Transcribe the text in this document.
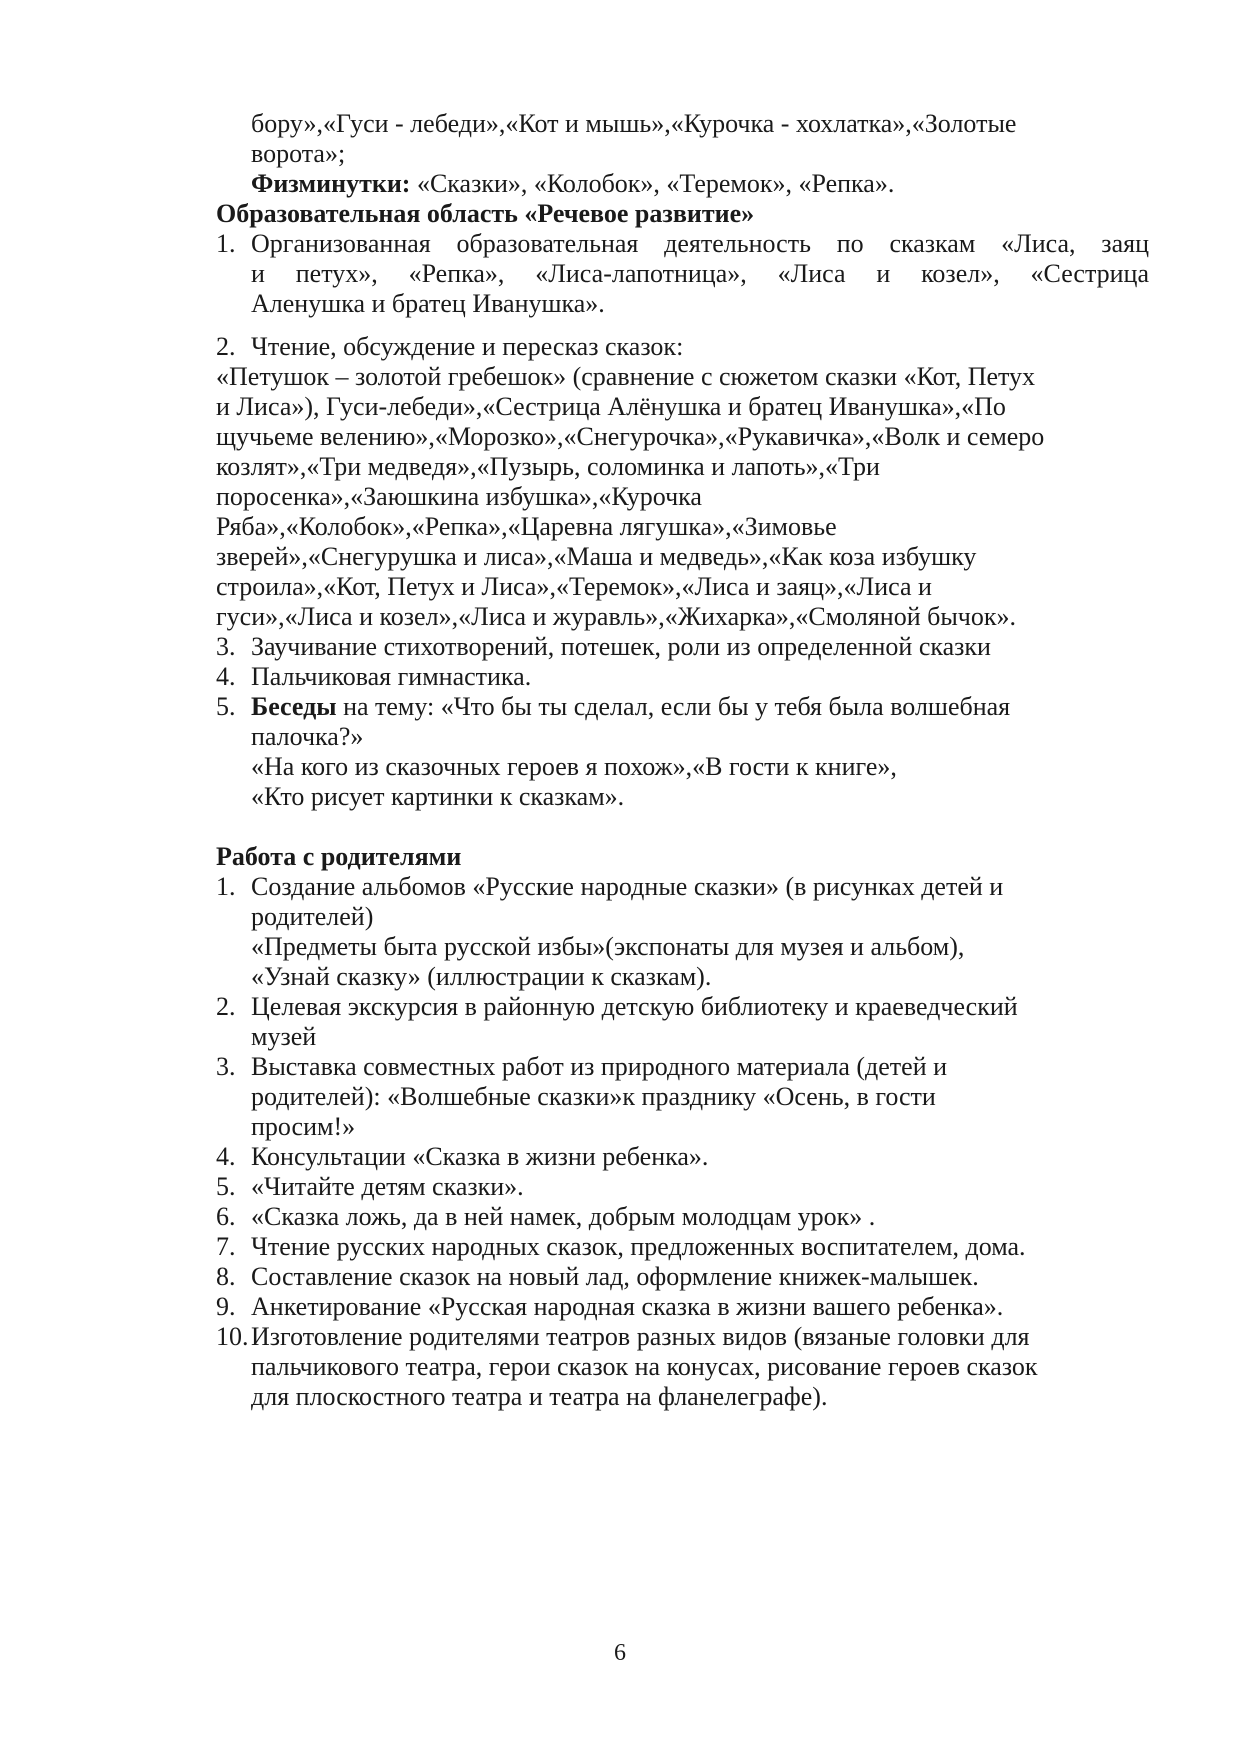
бору»,«Гуси - лебеди»,«Кот и мышь»,«Курочка - хохлатка»,«Золотые
ворота»;
Физминутки: «Сказки», «Колобок», «Теремок», «Репка».
Образовательная область «Речевое развитие»
1. Организованная образовательная деятельность по сказкам «Лиса, заяц
и петух», «Репка», «Лиса-лапотница», «Лиса и козел», «Сестрица
Аленушка и братец Иванушка».
2. Чтение, обсуждение и пересказ сказок:
«Петушок – золотой гребешок» (сравнение с сюжетом сказки «Кот, Петух
и Лиса»), Гуси-лебеди»,«Сестрица Алёнушка и братец Иванушка»,«По
щучьеме велению»,«Морозко»,«Снегурочка»,«Рукавичка»,«Волк и семеро
козлят»,«Три медведя»,«Пузырь, соломинка и лапоть»,«Три
поросенка»,«Заюшкина избушка»,«Курочка
Ряба»,«Колобок»,«Репка»,«Царевна лягушка»,«Зимовье
зверей»,«Снегурушка и лиса»,«Маша и медведь»,«Как коза избушку
строила»,«Кот, Петух и Лиса»,«Теремок»,«Лиса и заяц»,«Лиса и
гуси»,«Лиса и козел»,«Лиса и журавль»,«Жихарка»,«Смоляной бычок».
3. Заучивание стихотворений, потешек, роли из определенной сказки
4. Пальчиковая гимнастика.
5. Беседы на тему: «Что бы ты сделал, если бы у тебя была волшебная
палочка?»
«На кого из сказочных героев я похож»,«В гости к книге»,
«Кто рисует картинки к сказкам».
Работа с родителями
1. Создание альбомов «Русские народные сказки» (в рисунках детей и
родителей)
«Предметы быта русской избы»(экспонаты для музея и альбом),
«Узнай сказку» (иллюстрации к сказкам).
2. Целевая экскурсия в районную детскую библиотеку и краеведческий
музей
3. Выставка совместных работ из природного материала (детей и
родителей): «Волшебные сказки»к празднику «Осень, в гости
просим!»
4. Консультации «Сказка в жизни ребенка».
5. «Читайте детям сказки».
6. «Сказка ложь, да в ней намек, добрым молодцам урок» .
7. Чтение русских народных сказок, предложенных воспитателем, дома.
8. Составление сказок на новый лад, оформление книжек-малышек.
9. Анкетирование «Русская народная сказка в жизни вашего ребенка».
10. Изготовление родителями театров разных видов (вязаные головки для
пальчикового театра, герои сказок на конусах, рисование героев сказок
для плоскостного театра и театра на фланелеграфе).
6
